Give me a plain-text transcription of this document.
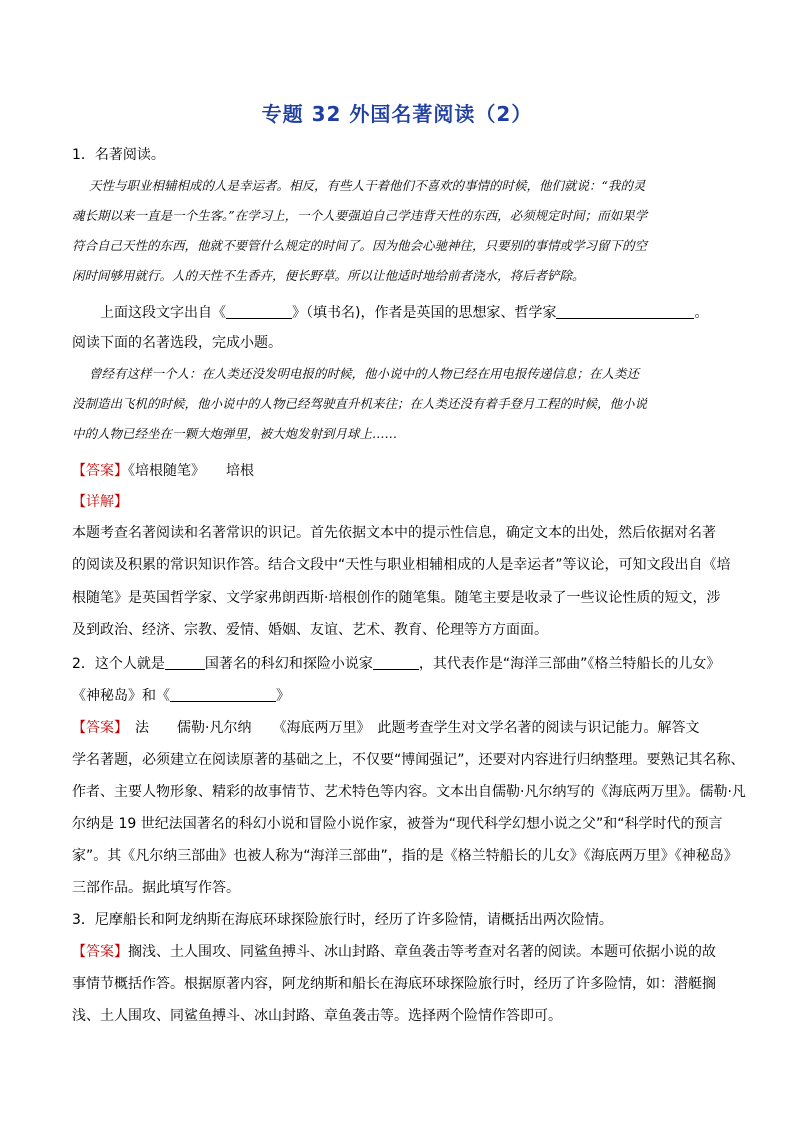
专题 32 外国名著阅读（2）
1．名著阅读。
天性与职业相辅相成的人是幸运者。相反，有些人干着他们不喜欢的事情的时候，他们就说：“我的灵
魂长期以来一直是一个生客。”在学习上，一个人要强迫自己学违背天性的东西，必须规定时间；而如果学
符合自己天性的东西，他就不要管什么规定的时间了。因为他会心驰神往，只要别的事情或学习留下的空
闲时间够用就行。人的天性不生香卉，便长野草。所以让他适时地给前者浇水，将后者铲除。
上面这段文字出自《	》（填书名)，作者是英国的思想家、哲学家	。
阅读下面的名著选段，完成小题。
曾经有这样一个人：在人类还没发明电报的时候，他小说中的人物已经在用电报传递信息；在人类还
没制造出飞机的时候，他小说中的人物已经驾驶直升机来往；在人类还没有着手登月工程的时候，他小说
中的人物已经坐在一颗大炮弹里，被大炮发射到月球上……
【答案】《培根随笔》　　培根
【详解】
本题考查名著阅读和名著常识的识记。首先依据文本中的提示性信息，确定文本的出处，然后依据对名著
的阅读及积累的常识知识作答。结合文段中“天性与职业相辅相成的人是幸运者”等议论，可知文段出自《培
根随笔》是英国哲学家、文学家弗朗西斯·培根创作的随笔集。随笔主要是收录了一些议论性质的短文，涉
及到政治、经济、宗教、爱情、婚姻、友谊、艺术、教育、伦理等方方面面。
2．这个人就是	国著名的科幻和探险小说家	，其代表作是“海洋三部曲”《格兰特船长的儿女》
《神秘岛》和《	》
【答案】　法　　儒勒·凡尔纳　　《海底两万里》　此题考查学生对文学名著的阅读与识记能力。解答文
学名著题，必须建立在阅读原著的基础之上，不仅要“博闻强记”，还要对内容进行归纳整理。要熟记其名称、
作者、主要人物形象、精彩的故事情节、艺术特色等内容。文本出自儒勒·凡尔纳写的《海底两万里》。儒勒·凡
尔纳是 19 世纪法国著名的科幻小说和冒险小说作家，被誉为“现代科学幻想小说之父”和“科学时代的预言
家”。其《凡尔纳三部曲》也被人称为“海洋三部曲”，指的是《格兰特船长的儿女》《海底两万里》《神秘岛》
三部作品。据此填写作答。
3．尼摩船长和阿龙纳斯在海底环球探险旅行时，经历了许多险情，请概括出两次险情。
【答案】搁浅、土人围攻、同鲨鱼搏斗、冰山封路、章鱼袭击等考查对名著的阅读。本题可依据小说的故
事情节概括作答。根据原著内容，阿龙纳斯和船长在海底环球探险旅行时，经历了许多险情，如：潜艇搁
浅、土人围攻、同鲨鱼搏斗、冰山封路、章鱼袭击等。选择两个险情作答即可。
